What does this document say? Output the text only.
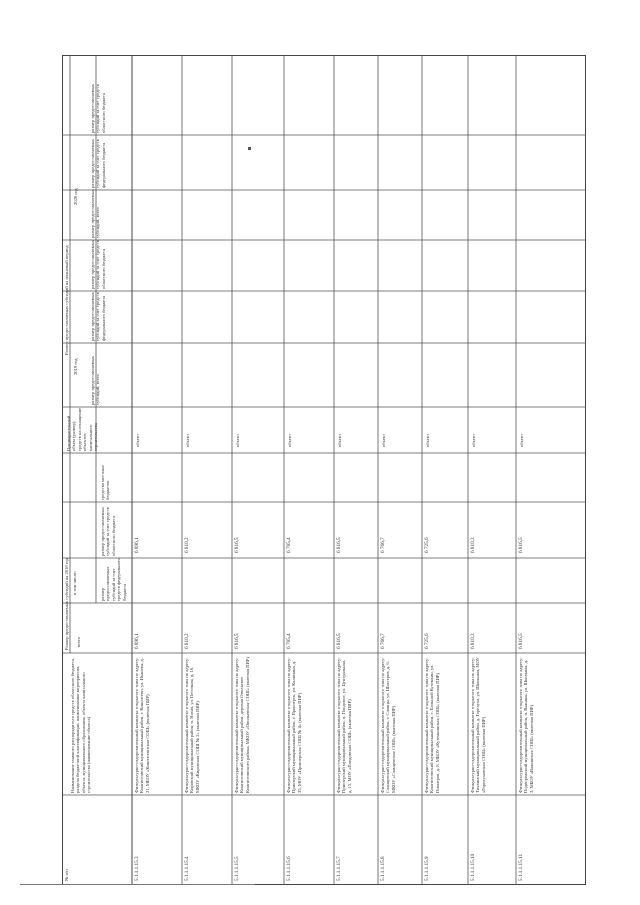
№ п/п
Наименование главного распорядителя средств областного бюджета, раздела бюджетной классификации, наименование мероприятия, объекта, муниципального образования, объекта капитального строительства (наименование объекта)
Размер предоставляемых субсидий на 2018 год всего
в том числе:	размер предоставляемых субсидий за счет средств федерального бюджета
размер предоставляемых субсидий за счет средств областного бюджета
средства местных бюджетов
Предварительный объем (размер) средств на оснащение объектов капитального строительства
Размер предоставляемых субсидий на плановый период
2019 год
2020 год
размер предоставляемых субсидий, всего
размер предоставляемых субсидий за счет средств федерального бюджета
размер предоставляемых субсидий за счет средств областного бюджета
размер предоставляемых субсидий, всего
размер предоставляемых субсидий за счет средств федерального бюджета
размер предоставляемых субсидий за счет средств областного бюджета
5.1.1.1.15.3
Физкультурно-оздоровительный комплекс открытого типа по адресу: Кингисеппский муниципальный район, г. Кингисепп, ул. Иванова, д. 21, МБОУ «Кингисеппская СОШ» (включая ПИР)
6 896,1
6 896,1
объект
5.1.1.1.15.4
Физкультурно-оздоровительный комплекс открытого типа по адресу: Кировский муниципальный район, п. Назия, ул. Песочная, д. 10, МКОУ «Кировская СОШ № 2» (включая ПИР)
6 810,2
6 810,2
объект
5.1.1.1.15.5
Физкультурно-оздоровительный комплекс открытого типа по адресу: Кингисеппский муниципальный район, деревня Опольевое Кингисеппского района, МКОУ «Опольевская СОШ» (включая ПИР)
6 816,5
6 816,5
объект
5.1.1.1.15.6
Физкультурно-оздоровительный комплекс открытого типа по адресу: Приозерский муниципальный район, г. Приозерск, ул. Калинина, д. 35, МОУ «Приозерская СОШ № 4» (включая ПИР)
6 785,4
6 785,4
объект
5.1.1.1.15.7
Физкультурно-оздоровительный комплекс открытого типа по адресу: Приозерский муниципальный район, п. Плодовое, ул. Центральная, д. 15, МОУ «Плодовская СОШ» (включая ПИР)
6 816,5
6 816,5
объект
5.1.1.1.15.8
Физкультурно-оздоровительный комплекс открытого типа по адресу: Сланцевский муниципальный район, г. Сланцы, ул. Шахтеров, д. 6, МКОУ «Сланцевская СОШ» (включая ПИР)
6 766,7
6 766,7
объект
5.1.1.1.15.9
Физкультурно-оздоровительный комплекс открытого типа по адресу: Кингисеппский муниципальный район, с. Большой Куземкин, ул. Пионеров, д. 8, МБОУ «Куземкинская СОШ» (включая ПИР)
6 725,6
6 725,6
объект
5.1.1.1.15.10
Физкультурно-оздоровительный комплекс открытого типа по адресу: Тихвинский муниципальный район, д. Горелуха, ул. Школьная, МОУ «Горелуховская СОШ» (включая ПИР)
6 810,3
6 810,3
объект
5.1.1.1.15.11
Физкультурно-оздоровительный комплекс открытого типа по адресу: Подпорожский муниципальный район, п. Важины, ул. Школьная, д. 3, МБОУ «Важинская СОШ» (включая ПИР)
6 816,5
6 816,5
объект
